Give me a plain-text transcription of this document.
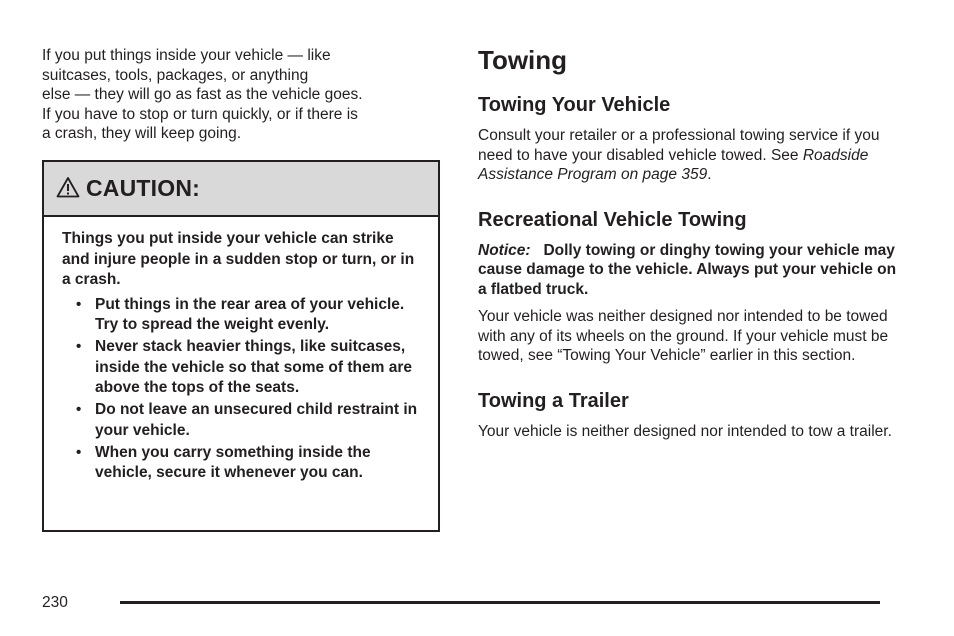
If you put things inside your vehicle — like
suitcases, tools, packages, or anything
else — they will go as fast as the vehicle goes.
If you have to stop or turn quickly, or if there is
a crash, they will keep going.

CAUTION:

Things you put inside your vehicle can strike and injure people in a sudden stop or turn, or in a crash.

• Put things in the rear area of your vehicle. Try to spread the weight evenly.
• Never stack heavier things, like suitcases, inside the vehicle so that some of them are above the tops of the seats.
• Do not leave an unsecured child restraint in your vehicle.
• When you carry something inside the vehicle, secure it whenever you can.
Towing
Towing Your Vehicle

Consult your retailer or a professional towing service if you need to have your disabled vehicle towed. See Roadside Assistance Program on page 359.

Recreational Vehicle Towing

Notice: Dolly towing or dinghy towing your vehicle may cause damage to the vehicle. Always put your vehicle on a flatbed truck.

Your vehicle was neither designed nor intended to be towed with any of its wheels on the ground. If your vehicle must be towed, see “Towing Your Vehicle” earlier in this section.

Towing a Trailer

Your vehicle is neither designed nor intended to tow a trailer.

230
